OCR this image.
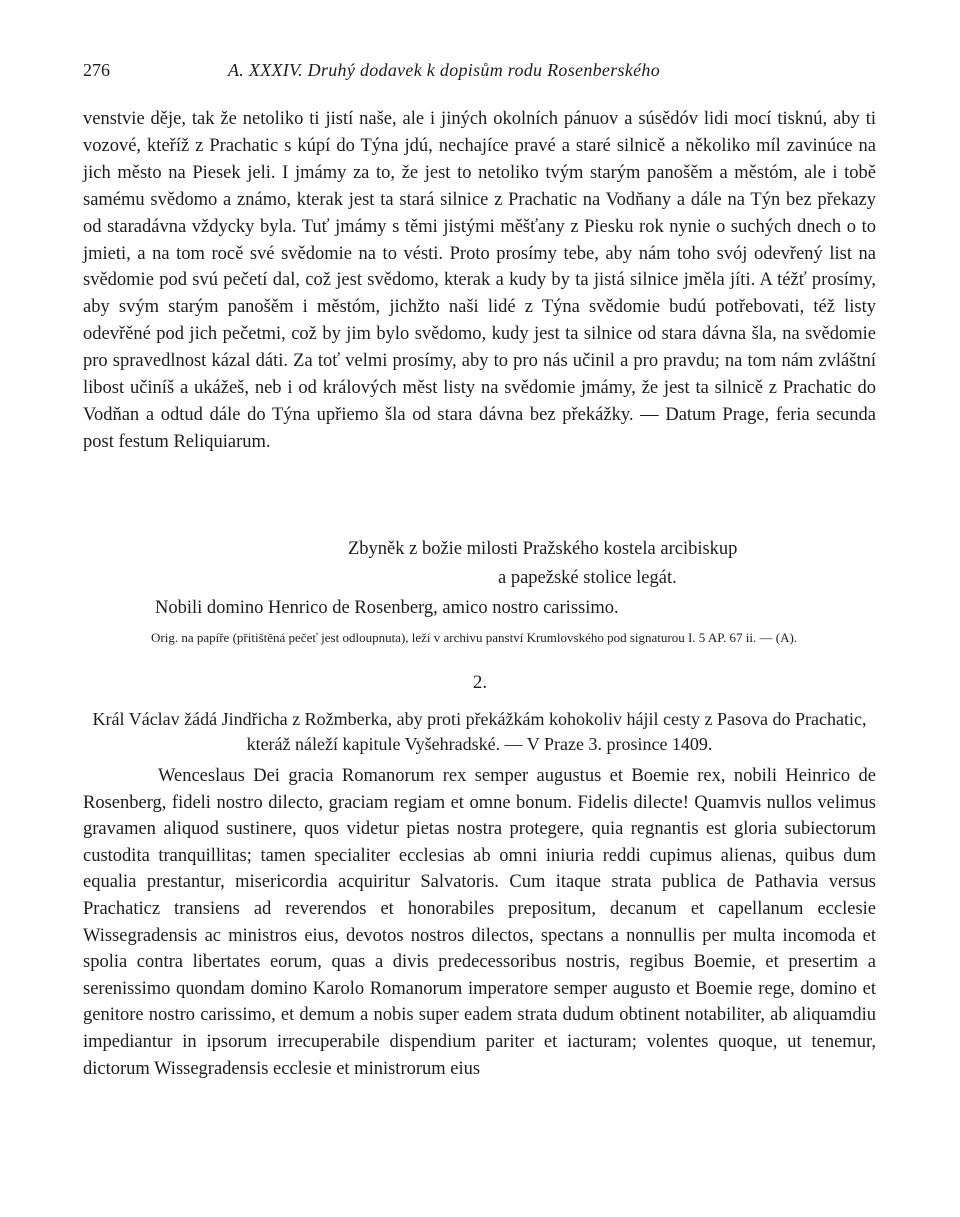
276	A. XXXIV. Druhý dodavek k dopisům rodu Rosenberského

venstvie děje, tak že netoliko ti jistí naše, ale i jiných okolních pánuov a súsědóv lidi mocí tisknú, aby ti vozové, kteříž z Prachatic s kúpí do Týna jdú, nechajíce pravé a staré silnicě a několiko míl zavinúce na jich město na Piesek jeli. I jmámy za to, že jest to netoliko tvým starým panošěm a městóm, ale i tobě samému svědomo a známo, kterak jest ta stará silnice z Prachatic na Vodňany a dále na Týn bez překazy od staradávna vždycky byla. Tuť jmámy s těmi jistými měšťany z Piesku rok nynie o suchých dnech o to jmieti, a na tom rocě své svědomie na to vésti. Proto prosímy tebe, aby nám toho svój odevřený list na svědomie pod svú pečetí dal, což jest svědomo, kterak a kudy by ta jistá silnice jměla jíti. A téžť prosímy, aby svým starým panošěm i městóm, jichžto naši lidé z Týna svědomie budú potřebovati, též listy odevřěné pod jich pečetmi, což by jim bylo svědomo, kudy jest ta silnice od stara dávna šla, na svědomie pro spravedlnost kázal dáti. Za toť velmi prosímy, aby to pro nás učinil a pro pravdu; na tom nám zvláštní libost učiníš a ukážeš, neb i od králových měst listy na svědomie jmámy, že jest ta silnicě z Prachatic do Vodňan a odtud dále do Týna upřiemo šla od stara dávna bez překážky. — Datum Prage, feria secunda post festum Reliquiarum.

Zbyněk z božie milosti Pražského kostela arcibiskup
a papežské stolice legát.
Nobili domino Henrico de Rosenberg, amico nostro carissimo.

Orig. na papíře (přitištěná pečeť jest odloupnuta), leží v archivu panství Krumlovského pod signaturou I. 5 AP. 67 ii. — (A).

2.

Král Václav žádá Jindřicha z Rožmberka, aby proti překážkám kohokoliv hájil cesty z Pasova do Prachatic, kteráž náleží kapitule Vyšehradské. — V Praze 3. prosince 1409.

Wenceslaus Dei gracia Romanorum rex semper augustus et Boemie rex, nobili Heinrico de Rosenberg, fideli nostro dilecto, graciam regiam et omne bonum. Fidelis dilecte! Quamvis nullos velimus gravamen aliquod sustinere, quos videtur pietas nostra protegere, quia regnantis est gloria subiectorum custodita tranquillitas; tamen specialiter ecclesias ab omni iniuria reddi cupimus alienas, quibus dum equalia prestantur, misericordia acquiritur Salvatoris. Cum itaque strata publica de Pathavia versus Prachaticz transiens ad reverendos et honorabiles prepositum, decanum et capellanum ecclesie Wissegradensis ac ministros eius, devotos nostros dilectos, spectans a nonnullis per multa incomoda et spolia contra libertates eorum, quas a divis predecessoribus nostris, regibus Boemie, et presertim a serenissimo quondam domino Karolo Romanorum imperatore semper augusto et Boemie rege, domino et genitore nostro carissimo, et demum a nobis super eadem strata dudum obtinent notabiliter, ab aliquamdiu impediantur in ipsorum irrecuperabile dispendium pariter et iacturam; volentes quoque, ut tenemur, dictorum Wissegradensis ecclesie et ministrorum eius
